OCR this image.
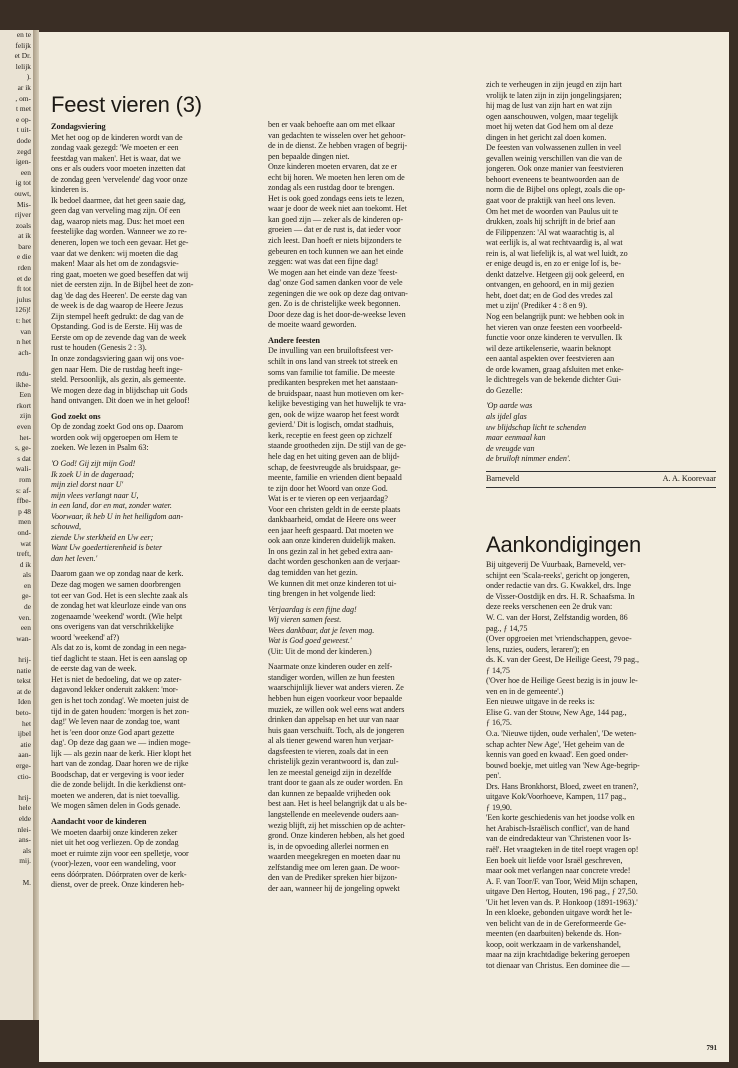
en te
felijk
et Dr.
lelijk
).
ar ik
, om-
t met
e op-
t uit-
dode
zegd
igen-
een
ig tot
ouwt,
Mis-
rijver
zoals
at ik
bare
e die
rden
et de
ft tot
julus
126)!
t: het
van
n het
ach-

rtdu-
ikhe-
Een
rkort
zijn
even
het-
s, ge-
s dat
wali-
rom
s: af-
ffbe-
p 48
men
ond-
wat
treft,
d ik
als
en
ge-
de
ven.
een
wan-

hrij-
natie
tekst
at de
Iden
beto-
het
ijbel
atie
aan-
erge-
ctio-

hrij-
hele
elde
nlei-
ans-
als
mij.

M.
Feest vieren (3)
Zondagsviering
Met het oog op de kinderen wordt van de
zondag vaak gezegd: 'We moeten er een
feestdag van maken'. Het is waar, dat we
ons er als ouders voor moeten inzetten dat
de zondag geen 'vervelende' dag voor onze
kinderen is.
Ik bedoel daarmee, dat het geen saaie dag,
geen dag van verveling mag zijn. Of een
dag, waarop niets mag. Dus: het moet een
feestelijke dag worden. Wanneer we zo re-
deneren, lopen we toch een gevaar. Het ge-
vaar dat we denken: wij moeten die dag
maken! Maar als het om de zondagsvie-
ring gaat, moeten we goed beseffen dat wij
niet de eersten zijn. In de Bijbel heet de zon-
dag 'de dag des Heeren'. De eerste dag van
de week is de dag waarop de Heere Jezus
Zijn stempel heeft gedrukt: de dag van de
Opstanding. God is de Eerste. Hij was de
Eerste om op de zevende dag van de week
rust te houden (Genesis 2 : 3).
In onze zondagsviering gaan wij ons voe-
gen naar Hem. Die de rustdag heeft inge-
steld. Persoonlijk, als gezin, als gemeente.
We mogen deze dag in blijdschap uit Gods
hand ontvangen. Dit doen we in het geloof!
God zoekt ons
Op de zondag zoekt God ons op. Daarom
worden ook wij opgeroepen om Hem te
zoeken. We lezen in Psalm 63:
'O God! Gij zijt mijn God!
Ik zoek U in de dageraad;
mijn ziel dorst naar U'
mijn vlees verlangt naar U,
in een land, dor en mat, zonder water.
Voorwaar, ik heb U in het heiligdom aan-
schouwd,
ziende Uw sterkheid en Uw eer;
Want Uw goedertierenheid is beter
dan het leven.'
Daarom gaan we op zondag naar de kerk.
Deze dag mogen we samen doorbrengen
tot eer van God. Het is een slechte zaak als
de zondag het wat kleurloze einde van ons
zogenaamde 'weekend' wordt. (Wie helpt
ons overigens van dat verschrikkelijke
woord 'weekend' af?)
Als dat zo is, komt de zondag in een nega-
tief daglicht te staan. Het is een aanslag op
de eerste dag van de week.
Het is niet de bedoeling, dat we op zater-
dagavond lekker onderuit zakken: 'mor-
gen is het toch zondag'. We moeten juist de
tijd in de gaten houden: 'morgen is het zon-
dag!' We leven naar de zondag toe, want
het is 'een door onze God apart gezette
dag'. Op deze dag gaan we — indien moge-
lijk — als gezin naar de kerk. Hier klopt het
hart van de zondag. Daar horen we de rijke
Boodschap, dat er vergeving is voor ieder
die de zonde belijdt. In die kerkdienst ont-
moeten we anderen, dat is niet toevallig.
We mogen sâmen delen in Gods genade.
Aandacht voor de kinderen
We moeten daarbij onze kinderen zeker
niet uit het oog verliezen. Op de zondag
moet er ruimte zijn voor een spelletje, voor
(voor)-lezen, voor een wandeling, voor
eens dóórpraten. Dóórpraten over de kerk-
dienst, over de preek. Onze kinderen heb-
ben er vaak behoefte aan om met elkaar
van gedachten te wisselen over het gehoor-
de in de dienst. Ze hebben vragen of begrij-
pen bepaalde dingen niet.
Onze kinderen moeten ervaren, dat ze er
echt bij horen. We moeten hen leren om de
zondag als een rustdag door te brengen.
Het is ook goed zondags eens iets te lezen,
waar je door de week niet aan toekomt. Het
kan goed zijn — zeker als de kinderen op-
groeien — dat er de rust is, dat ieder voor
zich leest. Dan hoeft er niets bijzonders te
gebeuren en toch kunnen we aan het einde
zeggen: wat was dat een fijne dag!
We mogen aan het einde van deze 'feest-
dag' onze God samen danken voor de vele
zegeningen die we ook op deze dag ontvan-
gen. Zo is de christelijke week begonnen.
Door deze dag is het door-de-weekse leven
de moeite waard geworden.
Andere feesten
De invulling van een bruiloftsfeest ver-
schilt in ons land van streek tot streek en
soms van familie tot familie. De meeste
predikanten bespreken met het aanstaan-
de bruidspaar, naast hun motieven om ker-
kelijke bevestiging van het huwelijk te vra-
gen, ook de wijze waarop het feest wordt
gevierd.' Dit is logisch, omdat stadhuis,
kerk, receptie en feest geen op zichzelf
staande grootheden zijn. De stijl van de ge-
hele dag en het uiting geven aan de blijd-
schap, de feestvreugde als bruidspaar, ge-
meente, familie en vrienden dient bepaald
te zijn door het Woord van onze God.
Wat is er te vieren op een verjaardag?
Voor een christen geldt in de eerste plaats
dankbaarheid, omdat de Heere ons weer
een jaar heeft gespaard. Dat moeten we
ook aan onze kinderen duidelijk maken.
In ons gezin zal in het gebed extra aan-
dacht worden geschonken aan de verjaar-
dag temidden van het gezin.
We kunnen dit met onze kinderen tot ui-
ting brengen in het volgende lied:
Verjaardag is een fijne dag!
Wij vieren samen feest.
Wees dankbaar, dat je leven mag.
Wat is God goed geweest.'
(Uit: Uit de mond der kinderen.)
Naarmate onze kinderen ouder en zelf-
standiger worden, willen ze hun feesten
waarschijnlijk liever wat anders vieren. Ze
hebben hun eigen voorkeur voor bepaalde
muziek, ze willen ook wel eens wat anders
drinken dan appelsap en het uur van naar
huis gaan verschuift. Toch, als de jongeren
al als tiener gewend waren hun verjaar-
dagsfeesten te vieren, zoals dat in een
christelijk gezin verantwoord is, dan zul-
len ze meestal geneigd zijn in dezelfde
trant door te gaan als ze ouder worden. En
dan kunnen ze bepaalde vrijheden ook
best aan. Het is heel belangrijk dat u als be-
langstellende en meelevende ouders aan-
wezig blijft, zij het misschien op de achter-
grond. Onze kinderen hebben, als het goed
is, in de opvoeding allerlei normen en
waarden meegekregen en moeten daar nu
zelfstandig mee om leren gaan. De woor-
den van de Prediker spreken hier bijzon-
der aan, wanneer hij de jongeling opwekt
zich te verheugen in zijn jeugd en zijn hart
vrolijk te laten zijn in zijn jongelingsjaren;
hij mag de lust van zijn hart en wat zijn
ogen aanschouwen, volgen, maar tegelijk
moet hij weten dat God hem om al deze
dingen in het gericht zal doen komen.
De feesten van volwassenen zullen in veel
gevallen weinig verschillen van die van de
jongeren. Ook onze manier van feestvieren
behoort eveneens te beantwoorden aan de
norm die de Bijbel ons oplegt, zoals die op-
gaat voor de praktijk van heel ons leven.
Om het met de woorden van Paulus uit te
drukken, zoals hij schrijft in de brief aan
de Filippenzen: 'Al wat waarachtig is, al
wat eerlijk is, al wat rechtvaardig is, al wat
rein is, al wat liefelijk is, al wat wel luidt, zo
er enige deugd is, en zo er enige lof is, be-
denkt datzelve. Hetgeen gij ook geleerd, en
ontvangen, en gehoord, en in mij gezien
hebt, doet dat; en de God des vredes zal
met u zijn' (Prediker 4 : 8 en 9).
Nog een belangrijk punt: we hebben ook in
het vieren van onze feesten een voorbeeld-
functie voor onze kinderen te vervullen. Ik
wil deze artikelenserie, waarin beknopt
een aantal aspekten over feestvieren aan
de orde kwamen, graag afsluiten met enke-
le dichtregels van de bekende dichter Gui-
do Gezelle:
'Op aarde was
als ijdel glas
uw blijdschap licht te schenden
maar eenmaal kan
de vreugde van
de bruiloft nimmer enden'.
Barneveld	A. A. Koorevaar
Aankondigingen
Bij uitgeverij De Vuurbaak, Barneveld, ver-
schijnt een 'Scala-reeks', gericht op jongeren,
onder redactie van drs. G. Kwakkel, drs. Inge
de Visser-Oostdijk en drs. H. R. Schaafsma. In
deze reeks verschenen een 2e druk van:
W. C. van der Horst, Zelfstandig worden, 86
pag., ƒ 14,75
(Over opgroeien met 'vriendschappen, gevoe-
lens, ruzies, ouders, leraren'); en
ds. K. van der Geest, De Heilige Geest, 79 pag.,
ƒ 14,75
('Over hoe de Heilige Geest bezig is in jouw le-
ven en in de gemeente'.)
Een nieuwe uitgave in de reeks is:
Elise G. van der Stouw, New Age, 144 pag.,
ƒ 16,75.
O.a. 'Nieuwe tijden, oude verhalen', 'De weten-
schap achter New Age', 'Het geheim van de
kennis van goed en kwaad'. Een goed onder-
bouwd boekje, met uitleg van 'New Age-begrip-
pen'.
Drs. Hans Bronkhorst, Bloed, zweet en tranen?,
uitgave Kok/Voorhoeve, Kampen, 117 pag.,
ƒ 19,90.
'Een korte geschiedenis van het joodse volk en
het Arabisch-Israëlisch conflict', van de hand
van de eindredakteur van 'Christenen voor Is-
raël'. Het vraagteken in de titel roept vragen op!
Een boek uit liefde voor Israël geschreven,
maar ook met verlangen naar concrete vrede!
A. F. van Toor/F. van Toor, Weid Mijn schapen,
uitgave Den Hertog, Houten, 196 pag., ƒ 27,50.
'Uit het leven van ds. P. Honkoop (1891-1963).'
In een kloeke, gebonden uitgave wordt het le-
ven belicht van de in de Gereformeerde Ge-
meenten (en daarbuiten) bekende ds. Hon-
koop, ooit werkzaam in de varkenshandel,
maar na zijn krachtdadige bekering geroepen
tot dienaar van Christus. Een dominee die —
791
